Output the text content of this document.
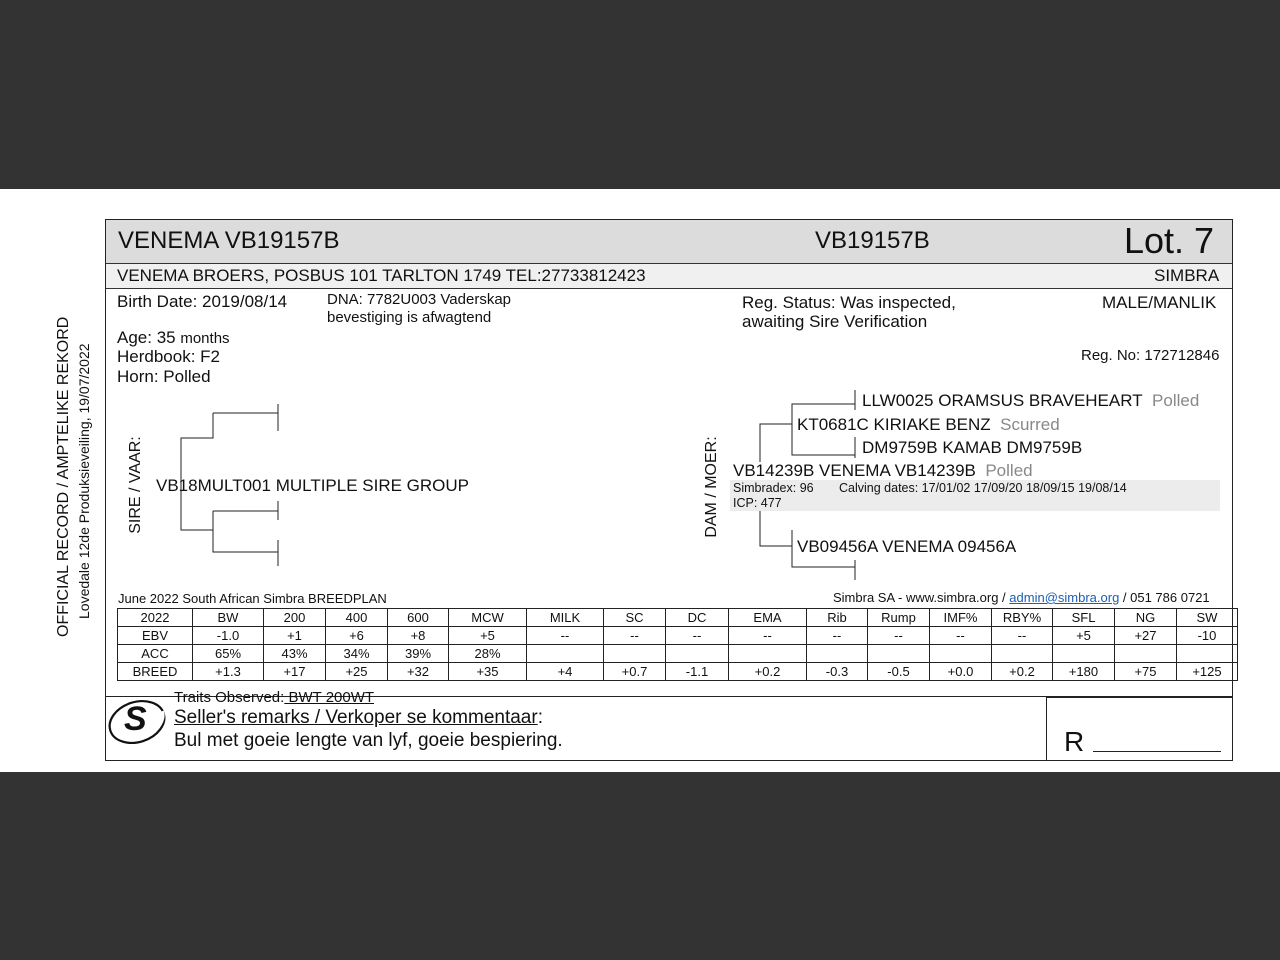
OFFICIAL RECORD / AMPTELIKE REKORD Lovedale 12de Produksieveiling, 19/07/2022
VENEMA VB19157B	VB19157B	Lot. 7
VENEMA BROERS, POSBUS 101 TARLTON 1749 TEL:27733812423	SIMBRA
Birth Date: 2019/08/14	DNA: 7782U003 Vaderskap
bevestiging is afwagtend
Reg. Status: Was inspected,
awaiting Sire Verification
MALE/MANLIK
Age: 35 months
Herdbook: F2
Horn: Polled
Reg. No: 172712846
SIRE / VAAR: VB18MULT001 MULTIPLE SIRE GROUP	DAM / MOER:
LLW0025 ORAMSUS BRAVEHEART Polled
KT0681C KIRIAKE BENZ Scurred
DM9759B KAMAB DM9759B
VB14239B VENEMA VB14239B Polled
Simbradex: 96 Calving dates: 17/01/02 17/09/20 18/09/15 19/08/14
ICP: 477
VB09456A VENEMA 09456A
June 2022 South African Simbra BREEDPLAN	Simbra SA - www.simbra.org / admin@simbra.org / 051 786 0721
2022	BW	200	400	600	MCW	MILK	SC	DC	EMA	Rib	Rump	IMF%	RBY%	SFL	NG	SW
EBV	-1.0	+1	+6	+8	+5	--	--	--	--	--	--	--	--	+5	+27	-10
ACC	65%	43%	34%	39%	28%											
BREED	+1.3	+17	+25	+32	+35	+4	+0.7	-1.1	+0.2	-0.3	-0.5	+0.0	+0.2	+180	+75	+125
S
Traits Observed: BWT 200WT
Seller's remarks / Verkoper se kommentaar:
Bul met goeie lengte van lyf, goeie bespiering.	R
